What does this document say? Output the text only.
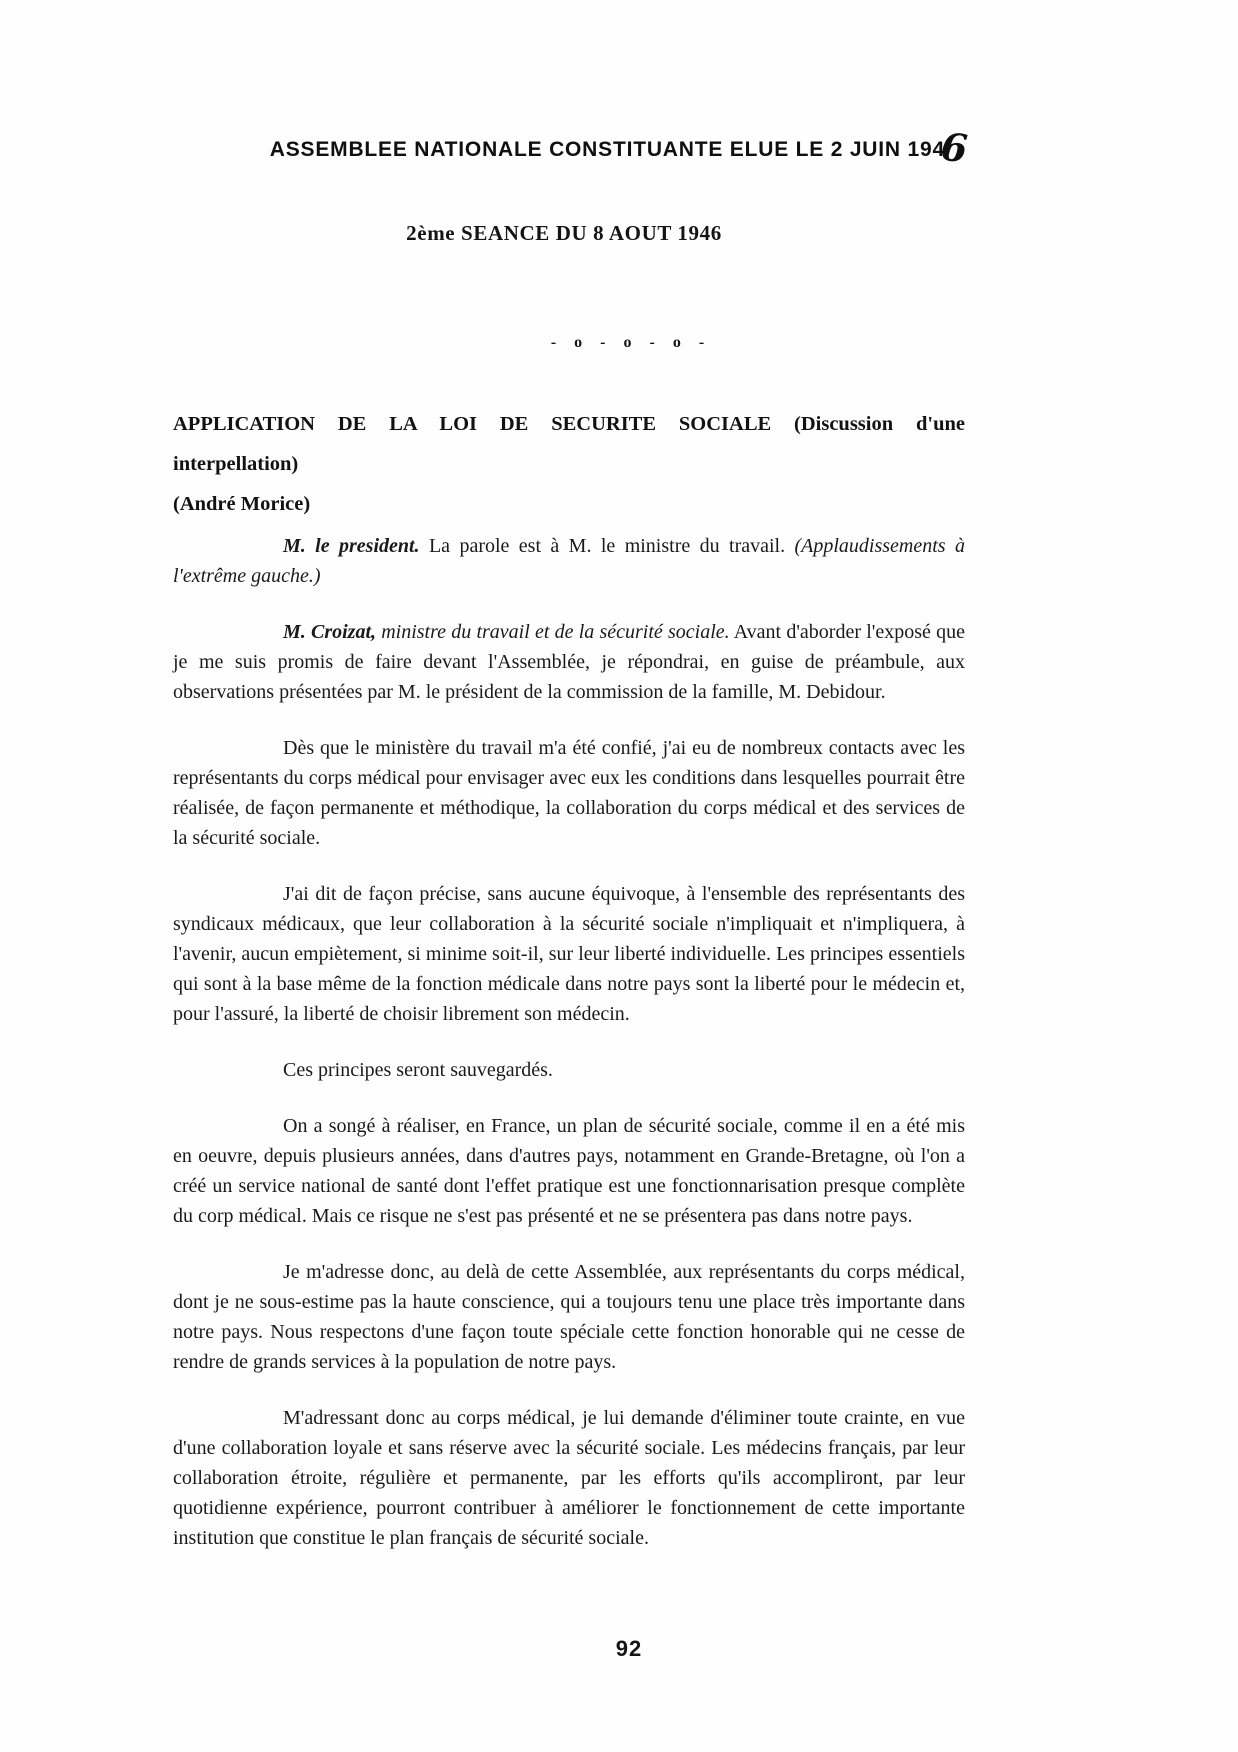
ASSEMBLEE NATIONALE CONSTITUANTE ELUE LE 2 JUIN 1946
2ème SEANCE DU 8 AOUT 1946
- o - o - o -
APPLICATION DE LA LOI DE SECURITE SOCIALE (Discussion d'une interpellation)
(André Morice)

M. le president. La parole est à M. le ministre du travail. (Applaudissements à l'extrême gauche.)

M. Croizat, ministre du travail et de la sécurité sociale. Avant d'aborder l'exposé que je me suis promis de faire devant l'Assemblée, je répondrai, en guise de préambule, aux observations présentées par M. le président de la commission de la famille, M. Debidour.

Dès que le ministère du travail m'a été confié, j'ai eu de nombreux contacts avec les représentants du corps médical pour envisager avec eux les conditions dans lesquelles pourrait être réalisée, de façon permanente et méthodique, la collaboration du corps médical et des services de la sécurité sociale.

J'ai dit de façon précise, sans aucune équivoque, à l'ensemble des représentants des syndicaux médicaux, que leur collaboration à la sécurité sociale n'impliquait et n'impliquera, à l'avenir, aucun empiètement, si minime soit-il, sur leur liberté individuelle. Les principes essentiels qui sont à la base même de la fonction médicale dans notre pays sont la liberté pour le médecin et, pour l'assuré, la liberté de choisir librement son médecin.

Ces principes seront sauvegardés.

On a songé à réaliser, en France, un plan de sécurité sociale, comme il en a été mis en oeuvre, depuis plusieurs années, dans d'autres pays, notamment en Grande-Bretagne, où l'on a créé un service national de santé dont l'effet pratique est une fonctionnarisation presque complète du corp médical. Mais ce risque ne s'est pas présenté et ne se présentera pas dans notre pays.

Je m'adresse donc, au delà de cette Assemblée, aux représentants du corps médical, dont je ne sous-estime pas la haute conscience, qui a toujours tenu une place très importante dans notre pays. Nous respectons d'une façon toute spéciale cette fonction honorable qui ne cesse de rendre de grands services à la population de notre pays.

M'adressant donc au corps médical, je lui demande d'éliminer toute crainte, en vue d'une collaboration loyale et sans réserve avec la sécurité sociale. Les médecins français, par leur collaboration étroite, régulière et permanente, par les efforts qu'ils accompliront, par leur quotidienne expérience, pourront contribuer à améliorer le fonctionnement de cette importante institution que constitue le plan français de sécurité sociale.

92
